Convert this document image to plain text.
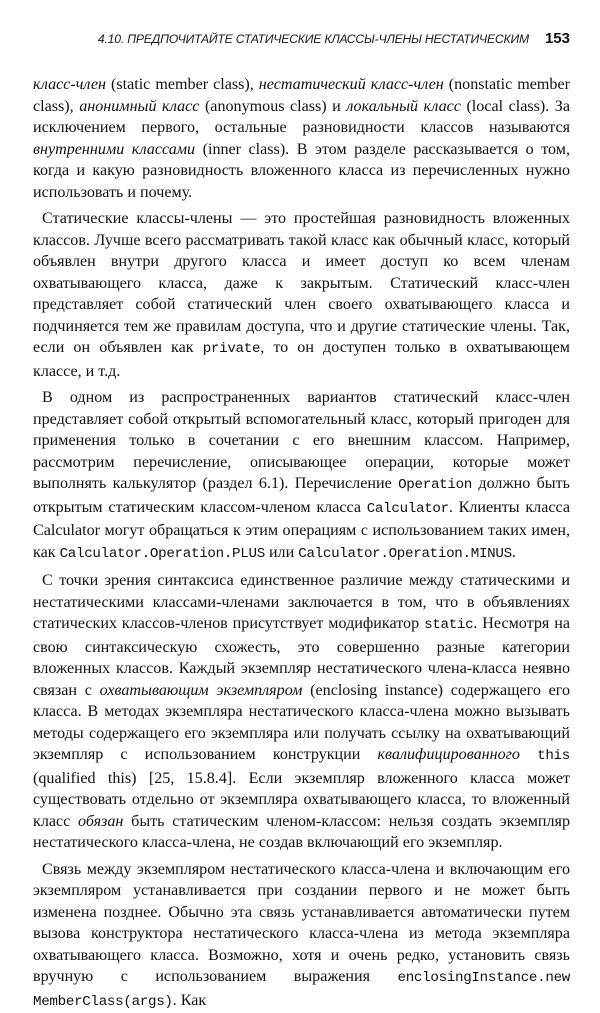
4.10. ПРЕДПОЧИТАЙТЕ СТАТИЧЕСКИЕ КЛАССЫ-ЧЛЕНЫ НЕСТАТИЧЕСКИМ 153

класс-член (static member class), нестатический класс-член (nonstatic member class), анонимный класс (anonymous class) и локальный класс (local class). За исключением первого, остальные разновидности классов называются внутренними классами (inner class). В этом разделе рассказывается о том, когда и какую разновидность вложенного класса из перечисленных нужно использовать и почему.

Статические классы-члены — это простейшая разновидность вложенных классов. Лучше всего рассматривать такой класс как обычный класс, который объявлен внутри другого класса и имеет доступ ко всем членам охватывающего класса, даже к закрытым. Статический класс-член представляет собой статический член своего охватывающего класса и подчиняется тем же правилам доступа, что и другие статические члены. Так, если он объявлен как private, то он доступен только в охватывающем классе, и т.д.

В одном из распространенных вариантов статический класс-член представляет собой открытый вспомогательный класс, который пригоден для применения только в сочетании с его внешним классом. Например, рассмотрим перечисление, описывающее операции, которые может выполнять калькулятор (раздел 6.1). Перечисление Operation должно быть открытым статическим классом-членом класса Calculator. Клиенты класса Calculator могут обращаться к этим операциям с использованием таких имен, как Calculator.Operation.PLUS или Calculator.Operation.MINUS.

С точки зрения синтаксиса единственное различие между статическими и нестатическими классами-членами заключается в том, что в объявлениях статических классов-членов присутствует модификатор static. Несмотря на свою синтаксическую схожесть, это совершенно разные категории вложенных классов. Каждый экземпляр нестатического члена-класса неявно связан с охватывающим экземпляром (enclosing instance) содержащего его класса. В методах экземпляра нестатического класса-члена можно вызывать методы содержащего его экземпляра или получать ссылку на охватывающий экземпляр с использованием конструкции квалифицированного this (qualified this) [25, 15.8.4]. Если экземпляр вложенного класса может существовать отдельно от экземпляра охватывающего класса, то вложенный класс обязан быть статическим членом-классом: нельзя создать экземпляр нестатического класса-члена, не создав включающий его экземпляр.

Связь между экземпляром нестатического класса-члена и включающим его экземпляром устанавливается при создании первого и не может быть изменена позднее. Обычно эта связь устанавливается автоматически путем вызова конструктора нестатического класса-члена из метода экземпляра охватывающего класса. Возможно, хотя и очень редко, установить связь вручную с использованием выражения enclosingInstance.new MemberClass(args). Как
